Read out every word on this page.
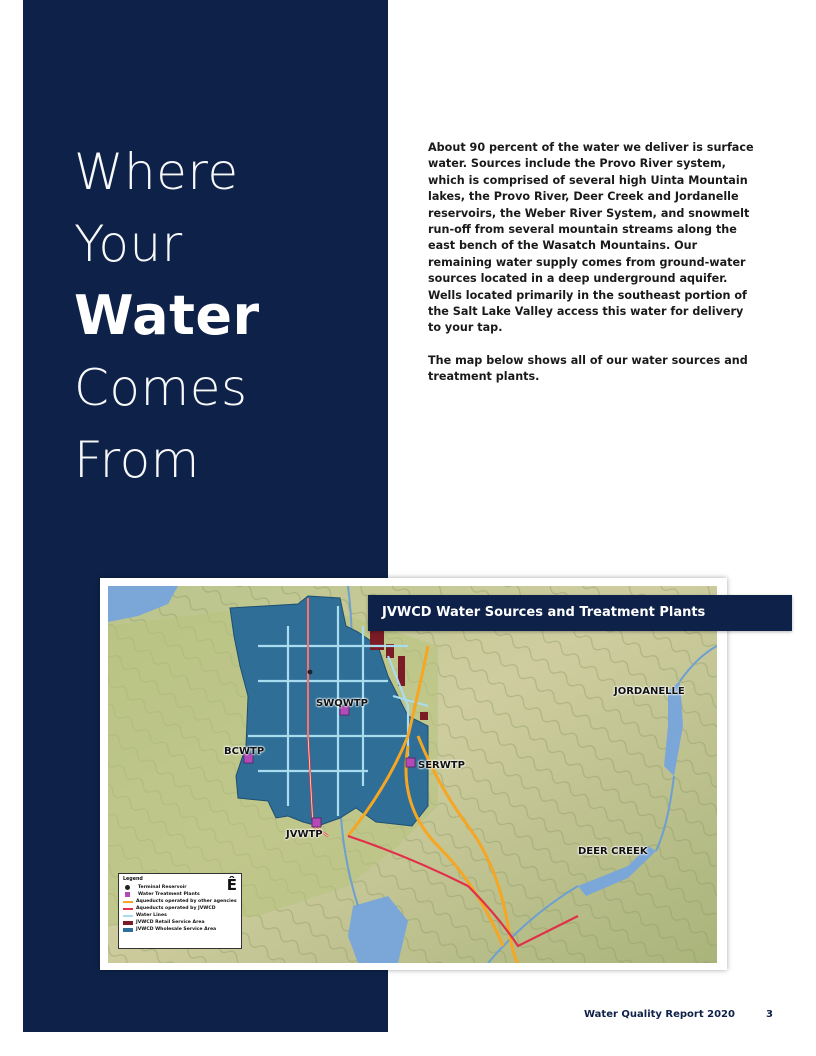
Where
Your
Water
Comes
From

About 90 percent of the water we deliver is surface water. Sources include the Provo River system, which is comprised of several high Uinta Mountain lakes, the Provo River, Deer Creek and Jordanelle reservoirs, the Weber River System, and snowmelt run-off from several mountain streams along the east bench of the Wasatch Mountains. Our remaining water supply comes from ground-water sources located in a deep underground aquifer. Wells located primarily in the southeast portion of the Salt Lake Valley access this water for delivery to your tap.

The map below shows all of our water sources and treatment plants.

JVWCD Water Sources and Treatment Plants
JORDANELLE
SWQWTP
BCWTP
SERWTP
JVWTP
DEER CREEK
Legend	Ê
Terminal Reservoir
Water Treatment Plants
Aqueducts operated by other agencies
Aqueducts operated by JVWCD
Water Lines
JVWCD Retail Service Area
JVWCD Wholesale Service Area
Water Quality Report 2020	3
